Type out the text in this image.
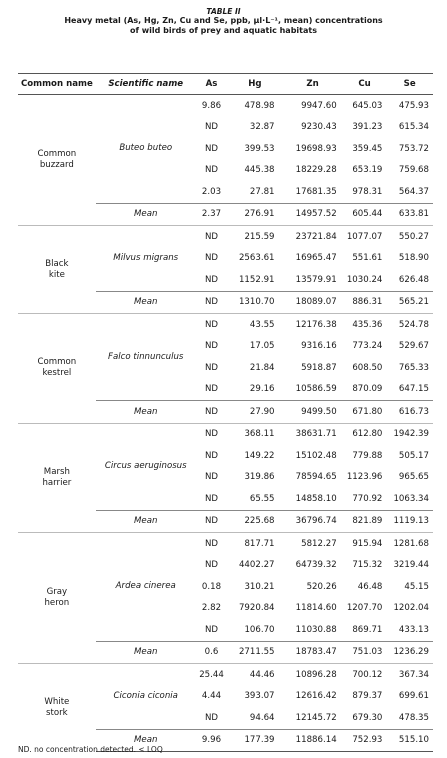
TABLE II
Heavy metal (As, Hg, Zn, Cu and Se, ppb, μl·L⁻¹, mean) concentrations
of wild birds of prey and aquatic habitats
Common name	Scientific name	As	Hg	Zn	Cu	Se
Common
buzzard	Buteo buteo	9.86	478.98	9947.60	645.03	475.93
		ND	32.87	9230.43	391.23	615.34
		ND	399.53	19698.93	359.45	753.72
		ND	445.38	18229.28	653.19	759.68
		2.03	27.81	17681.35	978.31	564.37
	Mean	2.37	276.91	14957.52	605.44	633.81
Black
kite	Milvus migrans	ND	215.59	23721.84	1077.07	550.27
		ND	2563.61	16965.47	551.61	518.90
		ND	1152.91	13579.91	1030.24	626.48
	Mean	ND	1310.70	18089.07	886.31	565.21
Common
kestrel	Falco tinnunculus	ND	43.55	12176.38	435.36	524.78
		ND	17.05	9316.16	773.24	529.67
		ND	21.84	5918.87	608.50	765.33
		ND	29.16	10586.59	870.09	647.15
	Mean	ND	27.90	9499.50	671.80	616.73
Marsh
harrier	Circus aeruginosus	ND	368.11	38631.71	612.80	1942.39
		ND	149.22	15102.48	779.88	505.17
		ND	319.86	78594.65	1123.96	965.65
		ND	65.55	14858.10	770.92	1063.34
	Mean	ND	225.68	36796.74	821.89	1119.13
Gray
heron	Ardea cinerea	ND	817.71	5812.27	915.94	1281.68
		ND	4402.27	64739.32	715.32	3219.44
		0.18	310.21	520.26	46.48	45.15
		2.82	7920.84	11814.60	1207.70	1202.04
		ND	106.70	11030.88	869.71	433.13
	Mean	0.6	2711.55	18783.47	751.03	1236.29
White
stork	Ciconia ciconia	25.44	44.46	10896.28	700.12	367.34
		4.44	393.07	12616.42	879.37	699.61
		ND	94.64	12145.72	679.30	478.35
	Mean	9.96	177.39	11886.14	752.93	515.10
ND. no concentration detected. < LOQ
